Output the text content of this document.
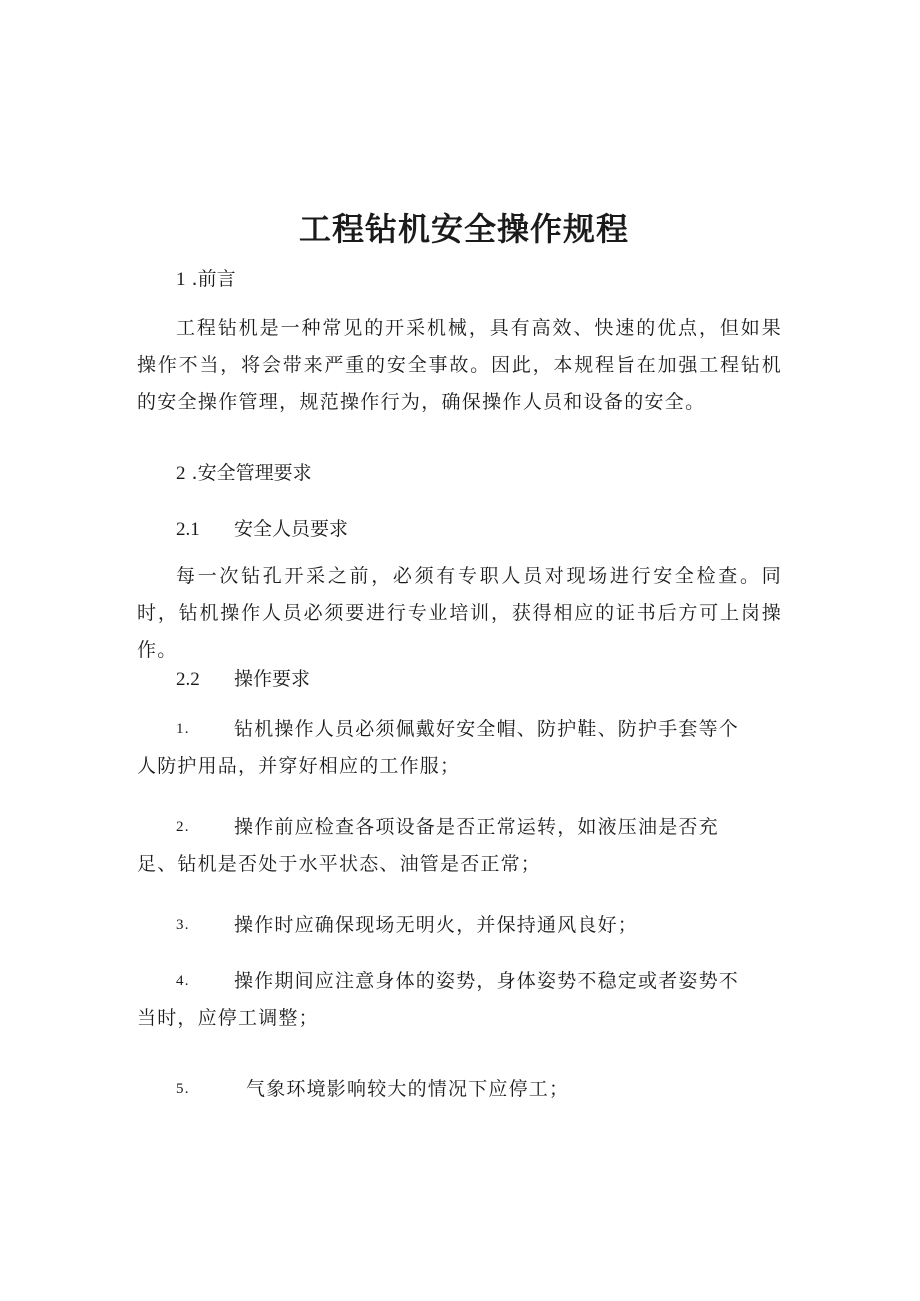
工程钻机安全操作规程
1 .前言
工程钻机是一种常见的开采机械，具有高效、快速的优点，但如果操作不当，将会带来严重的安全事故。因此，本规程旨在加强工程钻机的安全操作管理，规范操作行为，确保操作人员和设备的安全。
2 .安全管理要求
2.1 安全人员要求
每一次钻孔开采之前，必须有专职人员对现场进行安全检查。同时，钻机操作人员必须要进行专业培训，获得相应的证书后方可上岗操作。
2.2 操作要求
1.	钻机操作人员必须佩戴好安全帽、防护鞋、防护手套等个人防护用品，并穿好相应的工作服；
2.	操作前应检查各项设备是否正常运转，如液压油是否充足、钻机是否处于水平状态、油管是否正常；
3.	操作时应确保现场无明火，并保持通风良好；
4.	操作期间应注意身体的姿势，身体姿势不稳定或者姿势不当时，应停工调整；
5.	气象环境影响较大的情况下应停工；
